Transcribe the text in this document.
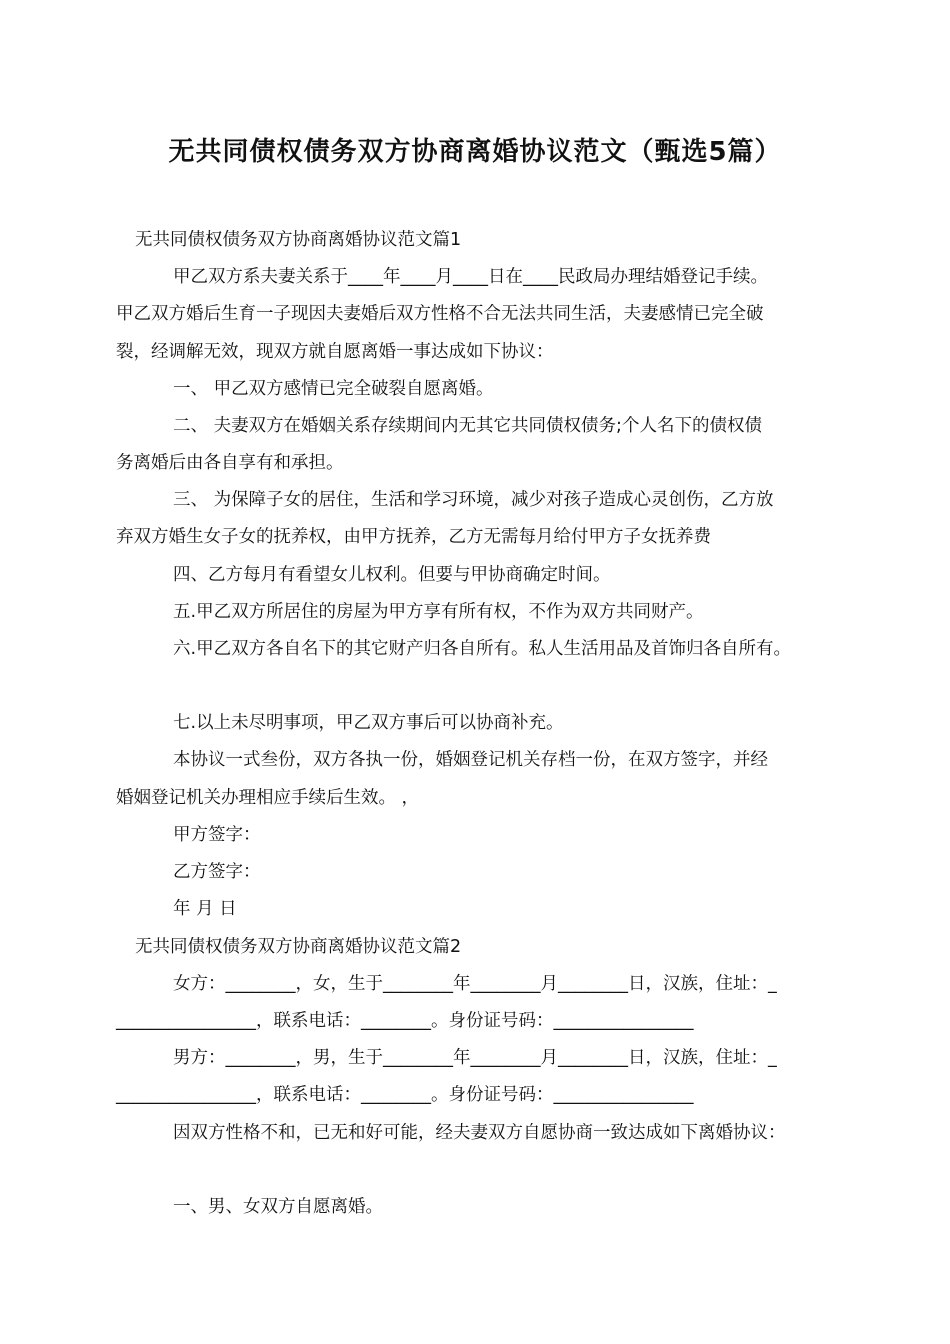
无共同债权债务双方协商离婚协议范文（甄选5篇）
无共同债权债务双方协商离婚协议范文篇1
甲乙双方系夫妻关系于____年____月____日在____民政局办理结婚登记手续。
甲乙双方婚后生育一子现因夫妻婚后双方性格不合无法共同生活，夫妻感情已完全破
裂，经调解无效，现双方就自愿离婚一事达成如下协议：
一、 甲乙双方感情已完全破裂自愿离婚。
二、 夫妻双方在婚姻关系存续期间内无其它共同债权债务;个人名下的债权债
务离婚后由各自享有和承担。
三、 为保障子女的居住，生活和学习环境，减少对孩子造成心灵创伤，乙方放
弃双方婚生女子女的抚养权，由甲方抚养，乙方无需每月给付甲方子女抚养费
四、乙方每月有看望女儿权利。但要与甲协商确定时间。
五.甲乙双方所居住的房屋为甲方享有所有权，不作为双方共同财产。
六.甲乙双方各自名下的其它财产归各自所有。私人生活用品及首饰归各自所有。
七.以上未尽明事项，甲乙双方事后可以协商补充。
本协议一式叁份，双方各执一份，婚姻登记机关存档一份，在双方签字，并经
婚姻登记机关办理相应手续后生效。 ，
甲方签字：
乙方签字：
年 月 日
无共同债权债务双方协商离婚协议范文篇2
女方：________，女，生于________年________月________日，汉族，住址：_
________________，联系电话：________。身份证号码：________________
男方：________，男，生于________年________月________日，汉族，住址：_
________________，联系电话：________。身份证号码：________________
因双方性格不和，已无和好可能，经夫妻双方自愿协商一致达成如下离婚协议：
一、男、女双方自愿离婚。
